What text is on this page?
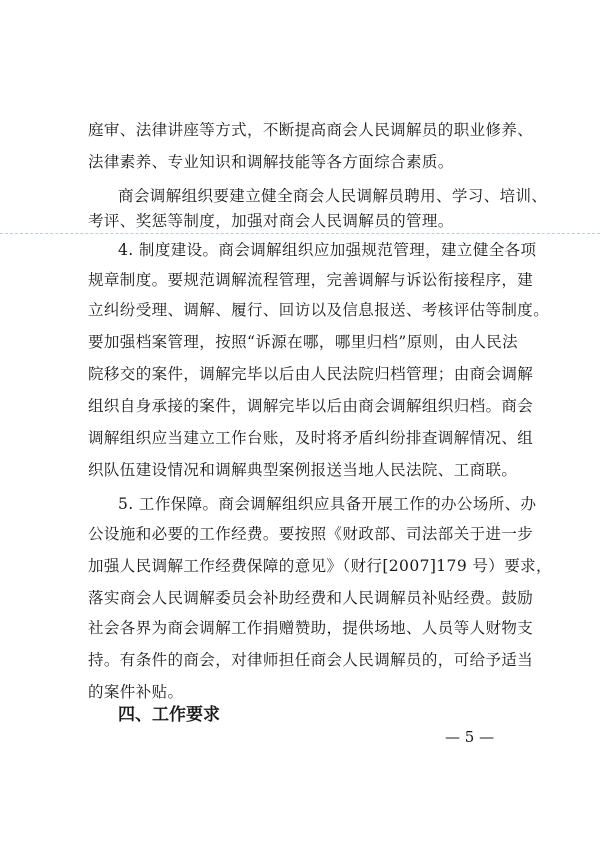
庭审、法律讲座等方式，不断提高商会人民调解员的职业修养、
法律素养、专业知识和调解技能等各方面综合素质。
商会调解组织要建立健全商会人民调解员聘用、学习、培训、
考评、奖惩等制度，加强对商会人民调解员的管理。
4. 制度建设。商会调解组织应加强规范管理，建立健全各项
规章制度。要规范调解流程管理，完善调解与诉讼衔接程序，建
立纠纷受理、调解、履行、回访以及信息报送、考核评估等制度。
要加强档案管理，按照“诉源在哪，哪里归档”原则，由人民法
院移交的案件，调解完毕以后由人民法院归档管理；由商会调解
组织自身承接的案件，调解完毕以后由商会调解组织归档。商会
调解组织应当建立工作台账，及时将矛盾纠纷排查调解情况、组
织队伍建设情况和调解典型案例报送当地人民法院、工商联。
5. 工作保障。商会调解组织应具备开展工作的办公场所、办
公设施和必要的工作经费。要按照《财政部、司法部关于进一步
加强人民调解工作经费保障的意见》（财行[2007]179 号）要求，
落实商会人民调解委员会补助经费和人民调解员补贴经费。鼓励
社会各界为商会调解工作捐赠赞助，提供场地、人员等人财物支
持。有条件的商会，对律师担任商会人民调解员的，可给予适当
的案件补贴。
四、工作要求
— 5 —
